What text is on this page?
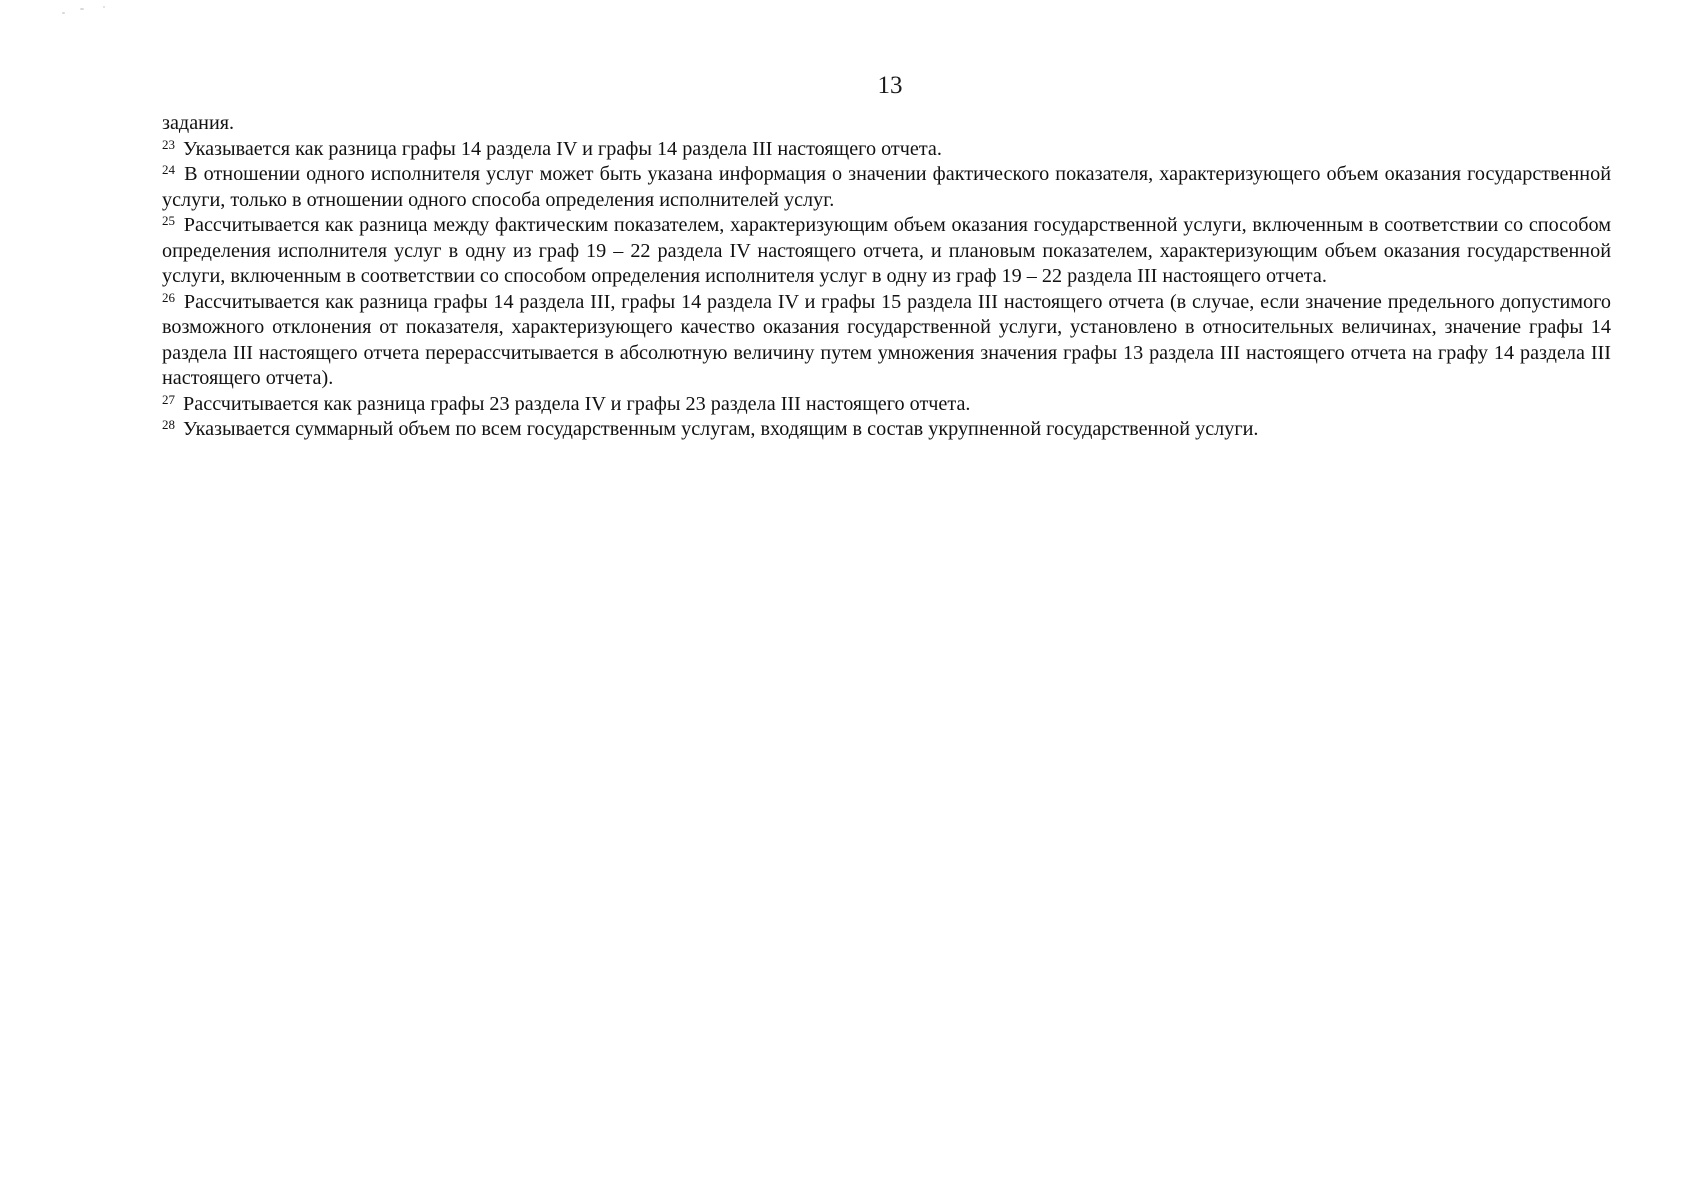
13

задания.

$^{23}$ Указывается как разница графы 14 раздела IV и графы 14 раздела III настоящего отчета.

$^{24}$ В отношении одного исполнителя услуг может быть указана информация о значении фактического показателя, характеризующего объем оказания государственной услуги, только в отношении одного способа определения исполнителей услуг.

$^{25}$ Рассчитывается как разница между фактическим показателем, характеризующим объем оказания государственной услуги, включенным в соответствии со способом определения исполнителя услуг в одну из граф 19 – 22 раздела IV настоящего отчета, и плановым показателем, характеризующим объем оказания государственной услуги, включенным в соответствии со способом определения исполнителя услуг в одну из граф 19 – 22 раздела III настоящего отчета.

$^{26}$ Рассчитывается как разница графы 14 раздела III, графы 14 раздела IV и графы 15 раздела III настоящего отчета (в случае, если значение предельного допустимого возможного отклонения от показателя, характеризующего качество оказания государственной услуги, установлено в относительных величинах, значение графы 14 раздела III настоящего отчета перерассчитывается в абсолютную величину путем умножения значения графы 13 раздела III настоящего отчета на графу 14 раздела III настоящего отчета).

$^{27}$ Рассчитывается как разница графы 23 раздела IV и графы 23 раздела III настоящего отчета.

$^{28}$ Указывается суммарный объем по всем государственным услугам, входящим в состав укрупненной государственной услуги.
